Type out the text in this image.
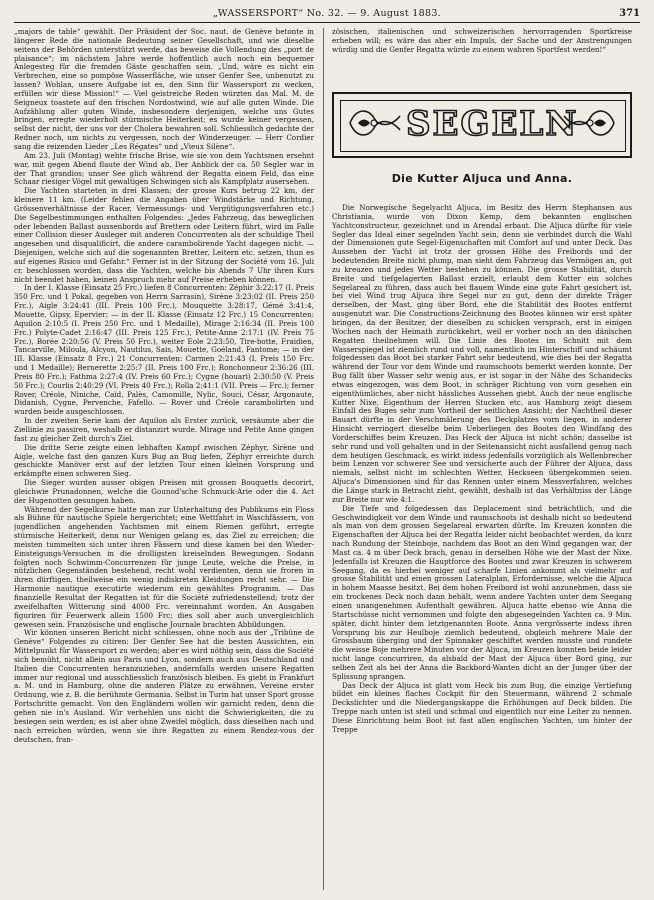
„WASSERSPORT“ No. 32. — 9. August 1883.	371

„majors de table“ gewählt. Der Präsident der Soc. naut. de Genève betonte in längerer Rede die nationale Bedeutung seiner Gesellschaft, und wie dieselbe seitens der Behörden unterstützt werde, das beweise die Vollendung des „port de plaisance“; im nächstem Jahre werde hoffentlich auch noch ein bequemer Anlegesteg für die fremden Gäste geschaffen sein. „Und, wäre es nicht ein Verbrechen, eine so pompöse Wasserfläche, wie unser Genfer See, unbenutzt zu lassen? Wohlan, unsere Aufgabe ist es, den Sinn für Wassersport zu wecken, erfüllen wir diese Mission!“ — Viel geistreiche Reden würzten das Mal. M. de Seigneux toastete auf den frischen Nordostwind, wie auf alle guten Winde. Die Aufzählung aller guten Winde, insbesondere derjenigen, welche uns Gutes bringen, erregte wiederholt stürmische Heiterkeit; es wurde keiner vergessen, selbst der nicht, der uns vor der Cholera bewahren soll. Schliesslich gedachte der Redner noch, um nichts zu vergessen, noch der Winderzeuger. — Herr Cordier sang die reizenden Lieder „Les Régates“ und „Vieux Silène“.

Am 23. Juli (Montag) wehte frische Brise, wie sie von dem Yachtsmen ersehnt war, mit gegen Abend flaute der Wind ab. Der Anblick der ca. 50 Segler war in der That grandios; unser See glich während der Regatta einem Feld, das eine Schaar riesiger Vögel mit gewaltigen Schwingen sich als Kampfplatz ausersehen.

Die Yachten starteten in drei Klassen; der grosse Kurs betrug 22 km, der kleinere 11 km. (Leider fehlen die Angaben über Windstärke und Richtung, Grössenverhältnisse der Racer, Vermessungs- und Vergütigungsverfahren etc.) Die Segelbestimmungen enthalten Folgendes: „Jedes Fahrzeug, das beweglichen oder lebenden Ballast aussenbords auf Brettern oder Leitern führt, wird im Falle einer Collision dieser Ausleger mit anderen Concurrenten als der schuldige Theil angesehen und disqualificirt, die andere carambolirende Yacht dagegen nicht. — Diejenigen, welche sich auf die sogenannten Bretter, Leitern etc. setzen, thun es auf eigenes Risico und Gefahr.“ Ferner ist in der Sitzung der Société vom 16. Juli cr. beschlossen worden, dass die Yachten, welche bis Abends 7 Uhr ihren Kurs nicht beendet haben, keinen Anspruch mehr auf Preise erheben können.

In der I. Klasse (Einsatz 25 Frc.) liefen 8 Concurrenten: Zéphir 3:22:17 (I. Preis 350 Frc. und 1 Pokal, gegeben von Herrn Sarrasin), Sirène 3:23:02 (II. Preis 250 Frc.), Aigle 3:24:41 (III. Preis 100 Frc.), Mouquette 3:28:17, Gémé 3:41:4, Mouette, Gipsy, Epervier; — in der II. Klasse (Einsatz 12 Frc.) 15 Concurrenten: Aquilon 2:10:5 (I. Preis 250 Frc. und 1 Medaille), Mirage 2:16:34 (II. Preis 100 Frc.) Polyte-Cadet 2:16:47 (III. Preis 125 Frc.), Petite-Anne 2:17:1 (IV. Preis 75 Frc.), Borée 2:20:56 (V. Preis 50 Frc.), weiter Eole 2:23:50, Tire-botte, Fraidien, Tancarville, Miloula, Alcyon, Nautilus, Sais, Mouette, Goéland, Fantome; — in der III. Klasse (Einsatz 8 Frc.) 21 Concurrenten: Carmen 2:21:43 (I. Preis 150 Frc. und 1 Medaille); Bernerette 2:25:7 (II. Preis 100 Frc.); Ronchonneur 2:36:26 (III. Preis 80 Frc.); Fathma 2:27:4 (IV. Preis 60 Frc.); Cygne (houari) 2:30:50 (V. Preis 50 Frc.); Courlis 2:40:29 (VI. Preis 40 Frc.); Rolla 2:41:1 (VII. Preis — Frc.); ferner Rover, Créole, Niniche, Caïd, Palès, Camomille, Nylic, Souci, César, Argonaute, Didanish, Cygne, Pervenche, Fafello. — Rover und Créole carambolirten und wurden beide ausgeschlossen.

In der zweiten Serie kam der Aquilon als Erster zurück, versäumte aber die Ziellinie zu passiren, weshalb er distanzirt wurde. Mirage und Petite Anne gingen fast zu gleicher Zeit durch's Ziel.

Die dritte Serie zeigte einen lebhaften Kampf zwischen Zéphyr, Sirène und Aigle, welche fast den ganzen Kurs Bug an Bug liefen, Zéphyr erreichte durch geschickte Manöver erst auf der letzten Tour einen kleinen Vorsprung und erkämpfte einen schweren Sieg.

Die Sieger wurden ausser obigen Preisen mit grossen Bouquetts decorirt, gleichwie Prunadonnen, welche die Gounod'sche Schmuck-Arie oder die 4. Act der Hugenotten gesungen haben.

Während der Segelkurse hatte man zur Unterhaltung des Publikums ein Floss als Bühne für nautische Spiele hergerichtet; eine Wettfahrt in Waschfässern, von jugendlichen angehenden Yachtsmen mit einem Riemen geführt, erregte stürmische Heiterkeit, denn nur Wenigen gelang es, das Ziel zu erreichen; die meisten tummelten sich unter ihren Fässern und diese kamen bei den Wieder-Einsteigungs-Versuchen in die drolligsten kreiselnden Bewegungen. Sodann folgten noch Schwimm-Concurrenzen für junge Leute, welche die Preise, in nützlichen Gegenständen bestehend, recht wohl verdienten, denn sie froren in ihren dürftigen, theilweise ein wenig indiskreten Kleidungen recht sehr. — Die Harmonie nautique executirte wiederum ein gewähltes Programm. — Das finanzielle Resultat der Regatten ist für die Société zufriedenstellend; trotz der zweifelhaften Witterung sind 4000 Frc. vereinnahmt worden. An Ausgaben figuriren für Feuerwerk allein 1500 Frc; dies soll aber auch unvergleichlich gewesen sein. Französische und englische Journale brachten Abbildungen.

Wir können unseren Bericht nicht schliessen, ohne noch aus der „Tribüne de Genève“ Folgendes zu citiren: Der Genfer See hat die besten Aussichten, ein Mittelpunkt für Wassersport zu werden; aber es wird nöthig sein, dass die Société sich bemüht, nicht allein aus Paris und Lyon, sondern auch aus Deutschland und Italien die Concurrenten heranzuziehen, andernfalls werden unsere Regatten immer nur regional und ausschliesslich französisch bleiben. Es giebt in Frankfurt a. M. und in Hamburg, ohne die anderen Plätze zu erwähnen, Vereine erster Ordnung, wie z. B. die berühmte Germania. Selbst in Turin hat unser Sport grosse Fortschritte gemacht. Von den Engländern wollen wir garnicht reden, denn die gehen nie in's Ausland. Wir verhehlen uns nicht die Schwierigkeiten, die zu besiegen sein werden; es ist aber ohne Zweifel möglich, dass dieselben nach und nach erreichen würden, wenn sie ihre Regatten zu einem Rendez-vous der deutschen, fran-

zösischen, italienischen und schweizerischen hervorragenden Sportkreise erheben will; es wäre das aber ein Impuls, der Sache und der Anstrengungen würdig und die Genfer Regatta würde zu einem wahren Sportfest werden!“

SEGELN
Die Kutter Aljuca und Anna.

Die Norwegische Segelyacht Aljuca, im Besitz des Herrn Stephansen aus Christiania, wurde von Dixon Kemp, dem bekannten englischen Yachtconstructeur, gezeichnet und in Arendal erbaut. Die Aljuca dürfte für viele Segler das Ideal einer segelnden Yacht sein, denn sie verbindet durch die Wahl der Dimensionen gute Segel-Eigenschaften mit Comfort auf und unter Deck. Das Aussehen der Yacht ist trotz der grossen Höhe des Freibords und der bedeutenden Breite nicht plump, man sieht dem Fahrzeug das Vermögen an, gut zu kreuzen und jedes Wetter bestehen zu können. Die grosse Stabilität, durch Breite und tiefgelagerten Ballast erzielt, erlaubt dem Kutter ein solches Segelareal zu führen, dass auch bei flauem Winde eine gute Fahrt gesichert ist, bei viel Wind trug Aljuca ihre Segel nur zu gut, denn der direkte Träger derselben, der Mast, ging über Bord, ehe die Stabilität des Bootes entfernt ausgenutzt war. Die Constructions-Zeichnung des Bootes können wir erst später bringen, da der Besitzer, der dieselben zu schicken versprach, erst in einigen Wochen nach der Heimath zurückkehrt, weil er vorher noch an den dänischen Regatten theilnehmen will. Die Linie des Bootes im Schnitt mit dem Wasserspiegel ist ziemlich rund und voll, namentlich im Hinterschiff und schäumt folgedessen das Boot bei starker Fahrt sehr bedeutend, wie dies bei der Regatta während der Tour vor dem Winde und raumschoots bemerkt werden konnte. Der Bug fällt über Wasser sehr wenig aus, er ist sogar in der Nähe des Schandecks etwas eingezogen, was dem Boot, in schräger Richtung von vorn gesehen ein eigenthümliches, aber nicht hässliches Aussehen giebt. Auch der neue englische Kutter Nixe, Eigenthum der Herren Stucken etc. aus Hamburg zeigt diesem Einfall des Buges sehr zum Vortheil der seitlichen Ansicht; der Nachtheil dieser Bauart dürfte in der Verschmälerung des Deckplatzes vorn liegen, in anderer Hinsicht verringert dieselbe beim Ueberliegen des Bootes den Windfang des Vorderschiffes beim Kreuzen. Das Heck der Aljuca ist nicht schön; dasselbe ist sehr rund und voll gehalten und in der Seitenansicht nicht ausfallend genug nach dem heutigen Geschmack, es wirkt indess jedenfalls vorzüglich als Wellenbrecher beim Lenzen vor schwerer See und versicherte auch der Führer der Aljuca, dass niemals, selbst nicht im schlechten Wetter, Heckseen übergekommen seien. Aljuca's Dimensionen sind für das Rennen unter einem Messverfahren, welches die Länge stark in Betracht zieht, gewählt, deshalb ist das Verhältniss der Länge zur Breite nur wie 4:1.

Die Tiefe und folgedessen das Deplacement sind beträchtlich, und die Geschwindigkeit vor dem Winde und raumschoots ist deshalb nicht so bedeutend als man von dem grossen Segelareal erwarten dürfte. Im Kreuzen konnten die Eigenschaften der Aljuca bei der Regatta leider nicht beobachtet werden, da kurz nach Rundung der Steinboje, nachdem das Boot an den Wind gegangen war, der Mast ca. 4 m über Deck brach, genau in derselben Höhe wie der Mast der Nixe. Jedenfalls ist Kreuzen die Hauptforce des Bootes und zwar Kreuzen in schwerem Seegang, da es hierbei weniger auf scharfe Linien ankommt als vielmehr auf grosse Stabilität und einen grossen Lateralplan, Erfordernisse, welche die Aljuca in hohem Maasse besitzt. Bei dem hohen Freibord ist wohl anzunehmen, dass sie ein trockenes Deck noch dann behält, wenn andere Yachten unter dem Seegang einen unangenehmen Aufenthalt gewähren. Aljuca hatte ebenso wie Anna die Startschüsse nicht vernommen und folgte den abgesegelnden Yachten ca. 9 Min. später, dicht hinter dem letztgenannten Boote. Anna vergrösserte indess ihren Vorsprung bis zur Heulboje ziemlich bedeutend, obgleich mehrere Male der Grossbaum überging und der Spinnaker geschiftet werden musste und rundete die weisse Boje mehrere Minuten vor der Aljuca, im Kreuzen konnten beide leider nicht lange concurriren, da alsbald der Mast der Aljuca über Bord ging, zur selben Zeit als bei der Anna die Backbord-Wanten dicht an der Junger über der Splissung sprangen.

Das Deck der Aljuca ist glatt vom Heck bis zum Bug, die einzige Vertiefung bildet ein kleines flaches Cockpit für den Steuermann, während 2 schmale Deckslichter und die Niedergangskappe die Erhöhungen auf Deck bilden. Die Treppe nach unten ist steil und schmal und eigentlich nur eine Leiter zu nennen. Diese Einrichtung beim Boot ist fast allen englischen Yachten, um hinter der Treppe
